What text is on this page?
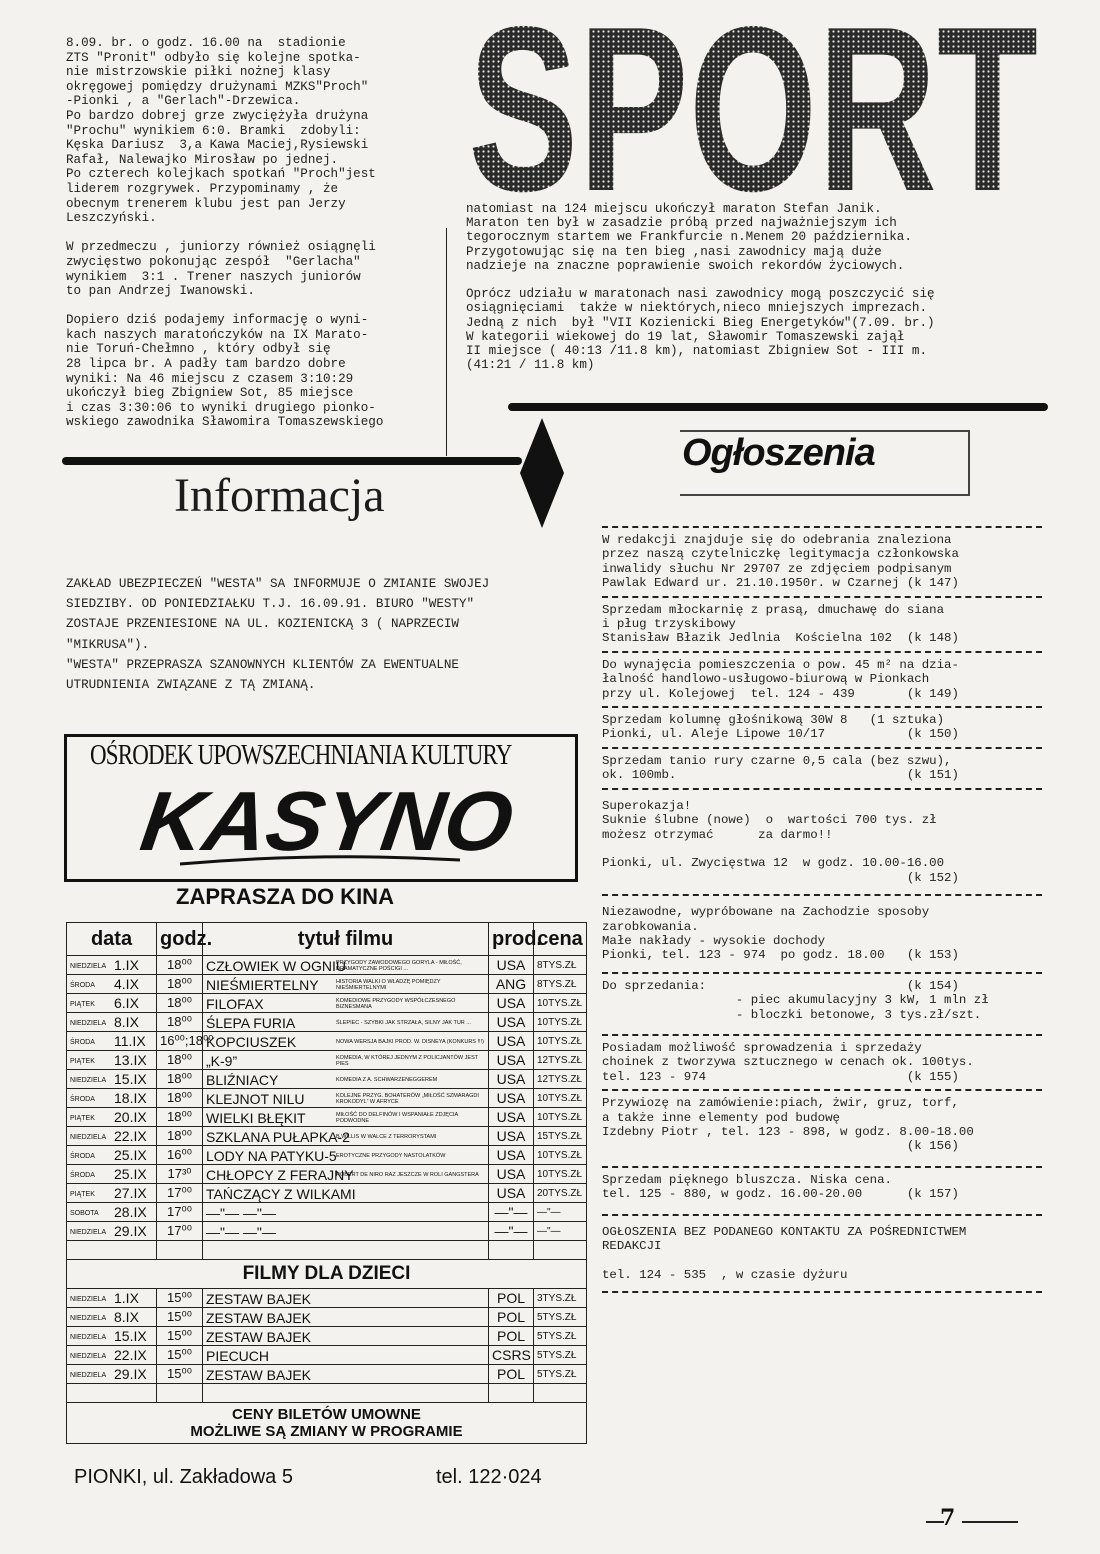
SPORT
8.09. br. o godz. 16.00 na  stadionie
ZTS "Pronit" odbyło się kolejne spotka-
nie mistrzowskie piłki nożnej klasy
okręgowej pomiędzy drużynami MZKS"Proch"
-Pionki , a "Gerlach"-Drzewica.
Po bardzo dobrej grze zwyciężyła drużyna
"Prochu" wynikiem 6:0. Bramki  zdobyli:
Kęska Dariusz  3,a Kawa Maciej,Rysiewski
Rafał, Nalewajko Mirosław po jednej.
Po czterech kolejkach spotkań "Proch"jest
liderem rozgrywek. Przypominamy , że
obecnym trenerem klubu jest pan Jerzy
Leszczyński.

W przedmeczu , juniorzy również osiągnęli
zwycięstwo pokonując zespół  "Gerlacha"
wynikiem  3:1 . Trener naszych juniorów
to pan Andrzej Iwanowski.

Dopiero dziś podajemy informację o wyni-
kach naszych maratończyków na IX Marato-
nie Toruń-Chełmno , który odbył się
28 lipca br. A padły tam bardzo dobre
wyniki: Na 46 miejscu z czasem 3:10:29
ukończył bieg Zbigniew Sot, 85 miejsce
i czas 3:30:06 to wyniki drugiego pionko-
wskiego zawodnika Sławomira Tomaszewskiego
natomiast na 124 miejscu ukończył maraton Stefan Janik.
Maraton ten był w zasadzie próbą przed najważniejszym ich
tegorocznym startem we Frankfurcie n.Menem 20 października.
Przygotowując się na ten bieg ,nasi zawodnicy mają duże
nadzieje na znaczne poprawienie swoich rekordów życiowych.

Oprócz udziału w maratonach nasi zawodnicy mogą poszczycić się
osiągnięciami  także w niektórych,nieco mniejszych imprezach.
Jedną z nich  był "VII Kozienicki Bieg Energetyków"(7.09. br.)
W kategorii wiekowej do 19 lat, Sławomir Tomaszewski zajął
II miejsce ( 40:13 /11.8 km), natomiast Zbigniew Sot - III m.
(41:21 / 11.8 km)
Informacja
ZAKŁAD UBEZPIECZEŃ "WESTA" SA INFORMUJE O ZMIANIE SWOJEJ
SIEDZIBY. OD PONIEDZIAŁKU T.J. 16.09.91. BIURO "WESTY"
ZOSTAJE PRZENIESIONE NA UL. KOZIENICKĄ 3 ( NAPRZECIW
"MIKRUSA").
"WESTA" PRZEPRASZA SZANOWNYCH KLIENTÓW ZA EWENTUALNE
UTRUDNIENIA ZWIĄZANE Z TĄ ZMIANĄ.
Ogłoszenia
W redakcji znajduje się do odebrania znaleziona
przez naszą czytelniczkę legitymacja członkowska
inwalidy słuchu Nr 29707 ze zdjęciem podpisanym
Pawlak Edward ur. 21.10.1950r. w Czarnej (k 147)
Sprzedam młockarnię z prasą, dmuchawę do siana
i pług trzyskibowy
Stanisław Błazik Jedlnia  Kościelna 102  (k 148)
Do wynajęcia pomieszczenia o pow. 45 m² na dzia-
łalność handlowo-usługowo-biurową w Pionkach
przy ul. Kolejowej  tel. 124 - 439       (k 149)
Sprzedam kolumnę głośnikową 30W 8   (1 sztuka)
Pionki, ul. Aleje Lipowe 10/17           (k 150)
Sprzedam tanio rury czarne 0,5 cala (bez szwu),
ok. 100mb.                               (k 151)
Superokazja!
Suknie ślubne (nowe)  o  wartości 700 tys. zł
możesz otrzymać      za darmo!!

Pionki, ul. Zwycięstwa 12  w godz. 10.00-16.00
(k 152)
Niezawodne, wypróbowane na Zachodzie sposoby
zarobkowania.
Małe nakłady - wysokie dochody
Pionki, tel. 123 - 974  po godz. 18.00   (k 153)
Do sprzedania:                           (k 154)
- piec akumulacyjny 3 kW, 1 mln zł
- bloczki betonowe, 3 tys.zł/szt.
Posiadam możliwość sprowadzenia i sprzedaży
choinek z tworzywa sztucznego w cenach ok. 100tys.
tel. 123 - 974                           (k 155)
Przywiozę na zamówienie:piach, żwir, gruz, torf,
a także inne elementy pod budowę
Izdebny Piotr , tel. 123 - 898, w godz. 8.00-18.00
(k 156)
Sprzedam pięknego bluszcza. Niska cena.
tel. 125 - 880, w godz. 16.00-20.00      (k 157)
OGŁOSZENIA BEZ PODANEGO KONTAKTU ZA POŚREDNICTWEM
REDAKCJI

tel. 124 - 535  , w czasie dyżuru
OŚRODEK UPOWSZECHNIANIA KULTURY
KASYNO
ZAPRASZA DO KINA
data	godz.	tytuł filmu	prod.	cena
NIEDZIELA 1.IX	18⁰⁰	CZŁOWIEK W OGNIUPRZYGODY ZAWODOWEGO GORYLA - MIŁOŚĆ, DRAMATYCZNE POŚCIGI ...	USA	8TYS.ZŁ
ŚRODA 4.IX	18⁰⁰	NIEŚMIERTELNY HISTORIA WALKI O WŁADZĘ POMIĘDZY NIEŚMIERTELNYMI	ANG	8TYS.ZŁ
PIĄTEK 6.IX	18⁰⁰	FILOFAX KOMEDIOWE PRZYGODY WSPÓŁCZESNEGO BIZNESMANA	USA	10TYS.ZŁ
NIEDZIELA 8.IX	18⁰⁰	ŚLEPA FURIA ŚLEPIEC - SZYBKI JAK STRZAŁA, SILNY JAK TUR ...	USA	10TYS.ZŁ
ŚRODA 11.IX	16⁰⁰;18⁰⁰	KOPCIUSZEK NOWA WERSJA BAJKI PROD. W. DISNEYA (KONKURS !!!)	USA	10TYS.ZŁ
PIĄTEK 13.IX	18⁰⁰	„K-9” KOMEDIA, W KTÓREJ JEDNYM Z POLICJANTÓW JEST PIES	USA	12TYS.ZŁ
NIEDZIELA 15.IX	18⁰⁰	BLIŹNIACY KOMEDIA Z A. SCHWARZENEGGEREM	USA	12TYS.ZŁ
ŚRODA 18.IX	18⁰⁰	KLEJNOT NILU KOLEJNE PRZYG. BOHATERÓW „MIŁOŚĆ SZMARAGDI KROKODYL” W AFRYCE	USA	10TYS.ZŁ
PIĄTEK 20.IX	18⁰⁰	WIELKI BŁĘKIT MIŁOŚĆ DO DELFINÓW I WSPANIAŁE ZDJĘCIA PODWODNE	USA	10TYS.ZŁ
NIEDZIELA 22.IX	18⁰⁰	SZKLANA PUŁAPKA-2B.WILLIS W WALCE Z TERRORYSTAMI	USA	15TYS.ZŁ
ŚRODA 25.IX	16⁰⁰	LODY NA PATYKU-5EROTYCZNE PRZYGODY NASTOLATKÓW	USA	10TYS.ZŁ
ŚRODA 25.IX	17³⁰	CHŁOPCY Z FERAJNYROBERT DE NIRO RAZ JESZCZE W ROLI GANGSTERA	USA	10TYS.ZŁ
PIĄTEK 27.IX	17⁰⁰	TAŃCZĄCY Z WILKAMI	USA	20TYS.ZŁ
SOBOTA 28.IX	17⁰⁰	—"— —"—	—"—	—"—
NIEDZIELA 29.IX	17⁰⁰	—"— —"—	—"—	—"—

FILMY DLA DZIECI				
NIEDZIELA 1.IX	15⁰⁰	ZESTAW BAJEK	POL	3TYS.ZŁ
NIEDZIELA 8.IX	15⁰⁰	ZESTAW BAJEK	POL	5TYS.ZŁ
NIEDZIELA 15.IX	15⁰⁰	ZESTAW BAJEK	POL	5TYS.ZŁ
NIEDZIELA 22.IX	15⁰⁰	PIECUCH	CSRS	5TYS.ZŁ
NIEDZIELA 29.IX	15⁰⁰	ZESTAW BAJEK	POL	5TYS.ZŁ

CENY BILETÓW UMOWNE
MOŻLIWE SĄ ZMIANY W PROGRAMIE				
PIONKI, ul. Zakładowa 5	tel. 122·024
7
